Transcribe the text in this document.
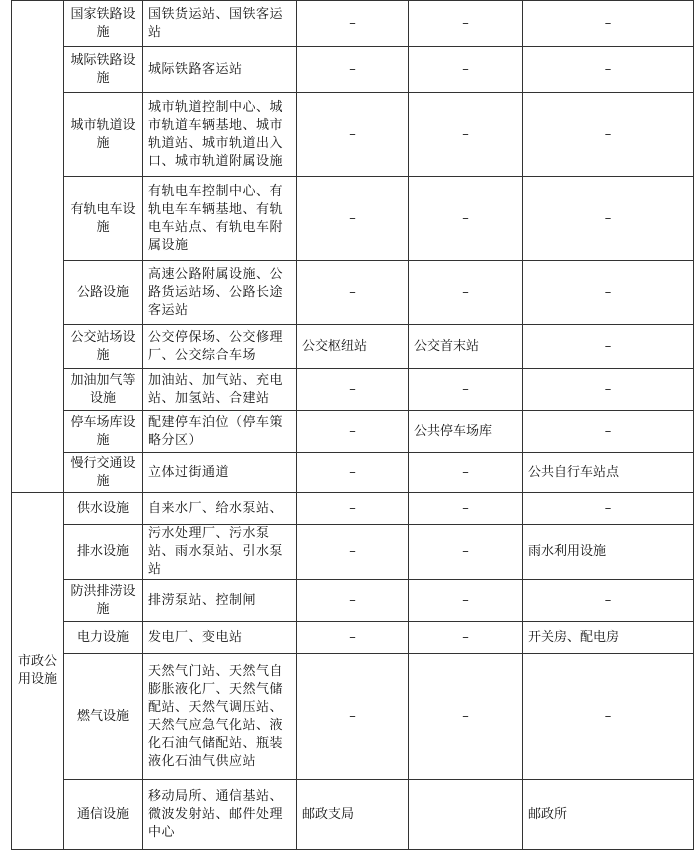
	国家铁路设施	国铁货运站、国铁客运站	–	–	–
	城际铁路设施	城际铁路客运站	–	–	–
	城市轨道设施	城市轨道控制中心、城市轨道车辆基地、城市轨道站、城市轨道出入口、城市轨道附属设施	–	–	–
	有轨电车设施	有轨电车控制中心、有轨电车车辆基地、有轨电车站点、有轨电车附属设施	–	–	–
	公路设施	高速公路附属设施、公路货运站场、公路长途客运站	–	–	–
	公交站场设施	公交停保场、公交修理厂、公交综合车场	公交枢纽站	公交首末站	–
	加油加气等设施	加油站、加气站、充电站、加氢站、合建站	–	–	–
	停车场库设施	配建停车泊位（停车策略分区）	–	公共停车场库	–
	慢行交通设施	立体过街通道	–	–	公共自行车站点
市政公用设施	供水设施	自来水厂、给水泵站、	–	–	–
	排水设施	污水处理厂、污水泵站、雨水泵站、引水泵站	–	–	雨水利用设施
	防洪排涝设施	排涝泵站、控制闸	–	–	–
	电力设施	发电厂、变电站	–	–	开关房、配电房
	燃气设施	天然气门站、天然气自膨胀液化厂、天然气储配站、天然气调压站、天然气应急气化站、液化石油气储配站、瓶装液化石油气供应站	–	–	–
	通信设施	移动局所、通信基站、微波发射站、邮件处理中心	邮政支局		邮政所
